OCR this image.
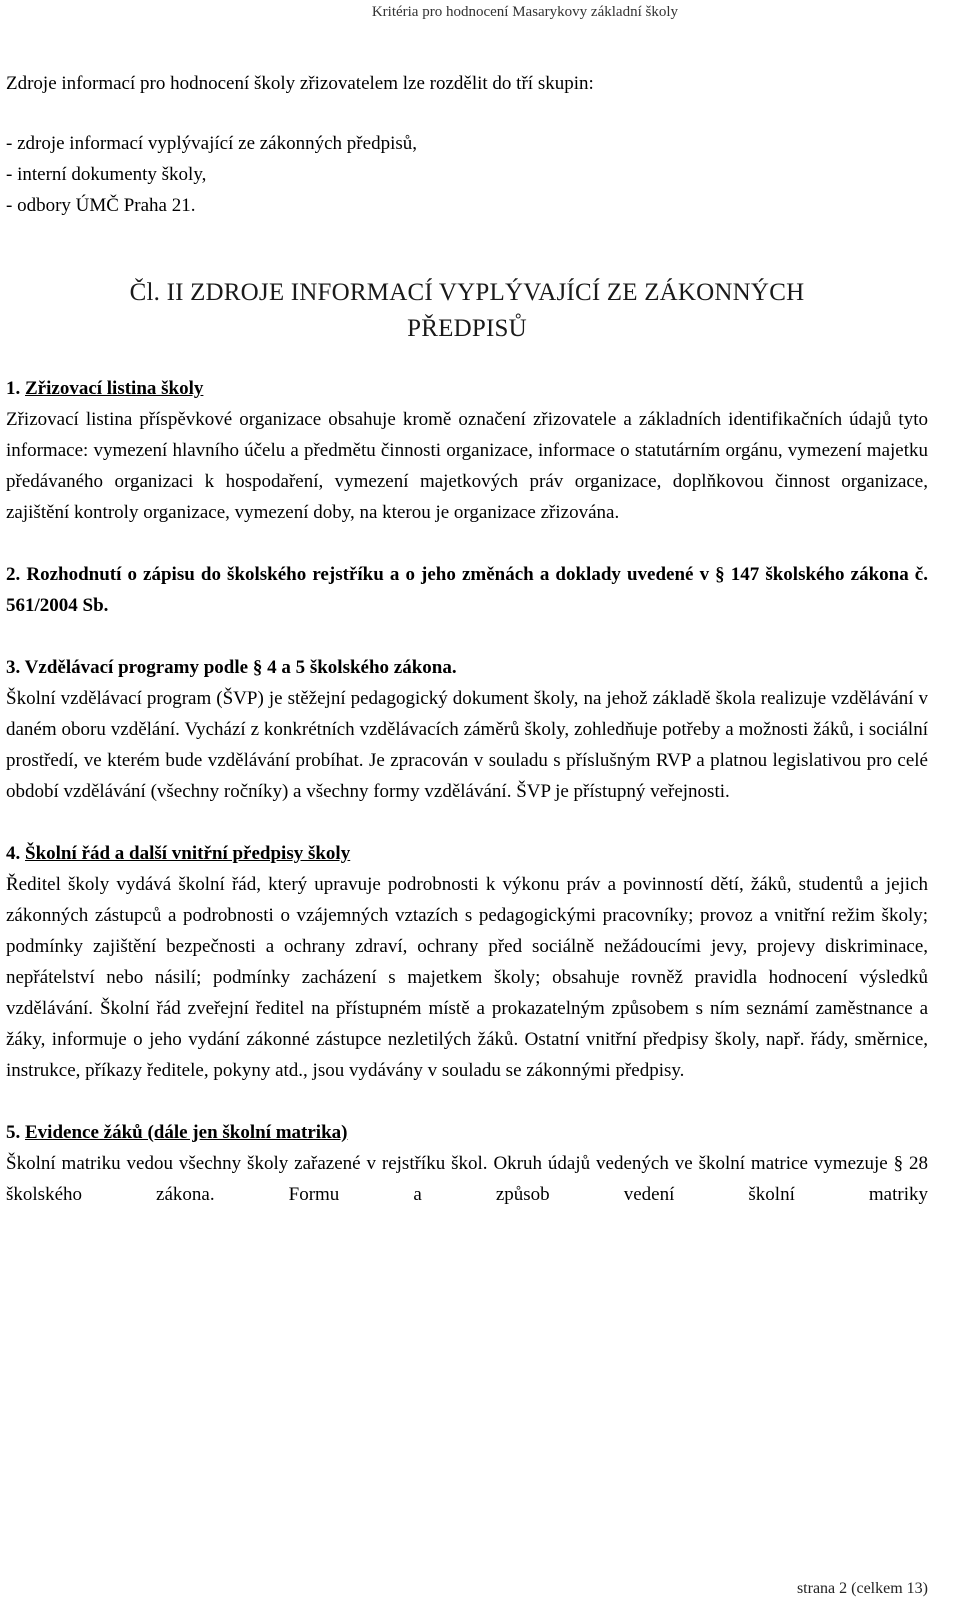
Kritéria pro hodnocení Masarykovy základní školy

Zdroje informací pro hodnocení školy zřizovatelem lze rozdělit do tří skupin:

- zdroje informací vyplývající ze zákonných předpisů,

- interní dokumenty školy,

- odbory ÚMČ Praha 21.

Čl. II ZDROJE INFORMACÍ VYPLÝVAJÍCÍ ZE ZÁKONNÝCH
PŘEDPISŮ

1. Zřizovací listina školy

Zřizovací listina příspěvkové organizace obsahuje kromě označení zřizovatele a základních identifikačních údajů tyto informace: vymezení hlavního účelu a předmětu činnosti organizace, informace o statutárním orgánu, vymezení majetku předávaného organizaci k hospodaření, vymezení majetkových práv organizace, doplňkovou činnost organizace, zajištění kontroly organizace, vymezení doby, na kterou je organizace zřizována.

2. Rozhodnutí o zápisu do školského rejstříku a o jeho změnách a doklady uvedené v § 147 školského zákona č. 561/2004 Sb.

3. Vzdělávací programy podle § 4 a 5 školského zákona.

Školní vzdělávací program (ŠVP) je stěžejní pedagogický dokument školy, na jehož základě škola realizuje vzdělávání v daném oboru vzdělání. Vychází z konkrétních vzdělávacích záměrů školy, zohledňuje potřeby a možnosti žáků, i sociální prostředí, ve kterém bude vzdělávání probíhat. Je zpracován v souladu s příslušným RVP a platnou legislativou pro celé období vzdělávání (všechny ročníky) a všechny formy vzdělávání. ŠVP je přístupný veřejnosti.

4. Školní řád a další vnitřní předpisy školy

Ředitel školy vydává školní řád, který upravuje podrobnosti k výkonu práv a povinností dětí, žáků, studentů a jejich zákonných zástupců a podrobnosti o vzájemných vztazích s pedagogickými pracovníky; provoz a vnitřní režim školy; podmínky zajištění bezpečnosti a ochrany zdraví, ochrany před sociálně nežádoucími jevy, projevy diskriminace, nepřátelství nebo násilí; podmínky zacházení s majetkem školy; obsahuje rovněž pravidla hodnocení výsledků vzdělávání. Školní řád zveřejní ředitel na přístupném místě a prokazatelným způsobem s ním seznámí zaměstnance a žáky, informuje o jeho vydání zákonné zástupce nezletilých žáků. Ostatní vnitřní předpisy školy, např. řády, směrnice, instrukce, příkazy ředitele, pokyny atd., jsou vydávány v souladu se zákonnými předpisy.

5. Evidence žáků (dále jen školní matrika)

Školní matriku vedou všechny školy zařazené v rejstříku škol. Okruh údajů vedených ve školní matrice vymezuje § 28 školského zákona. Formu a způsob vedení školní matriky

strana 2 (celkem 13)
